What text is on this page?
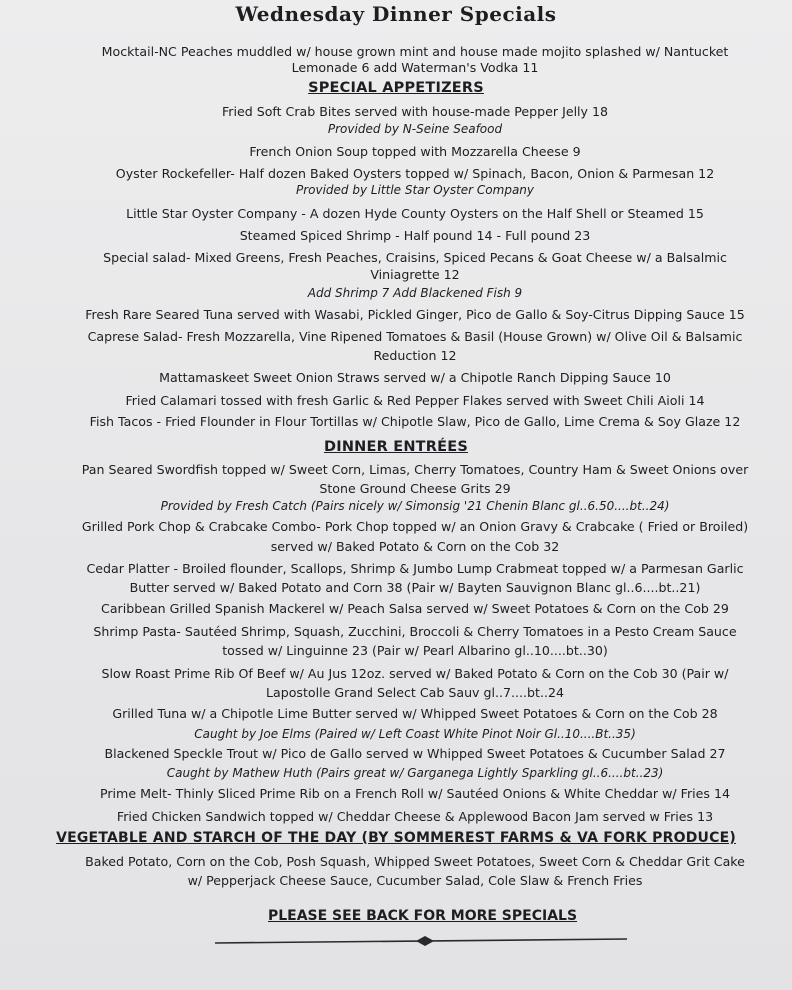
Wednesday Dinner Specials
Mocktail-NC Peaches muddled w/ house grown mint and house made mojito splashed w/ Nantucket
Lemonade 6 add Waterman's Vodka 11
SPECIAL APPETIZERS
Fried Soft Crab Bites served with house-made Pepper Jelly 18
Provided by N-Seine Seafood
French Onion Soup topped with Mozzarella Cheese 9
Oyster Rockefeller- Half dozen Baked Oysters topped w/ Spinach, Bacon, Onion & Parmesan 12
Provided by Little Star Oyster Company
Little Star Oyster Company - A dozen Hyde County Oysters on the Half Shell or Steamed 15
Steamed Spiced Shrimp - Half pound 14 - Full pound 23
Special salad- Mixed Greens, Fresh Peaches, Craisins, Spiced Pecans & Goat Cheese w/ a Balsalmic
Viniagrette 12
Add Shrimp 7 Add Blackened Fish 9
Fresh Rare Seared Tuna served with Wasabi, Pickled Ginger, Pico de Gallo & Soy-Citrus Dipping Sauce 15
Caprese Salad- Fresh Mozzarella, Vine Ripened Tomatoes & Basil (House Grown) w/ Olive Oil & Balsamic
Reduction 12
Mattamaskeet Sweet Onion Straws served w/ a Chipotle Ranch Dipping Sauce 10
Fried Calamari tossed with fresh Garlic & Red Pepper Flakes served with Sweet Chili Aioli 14
Fish Tacos - Fried Flounder in Flour Tortillas w/ Chipotle Slaw, Pico de Gallo, Lime Crema & Soy Glaze 12
DINNER ENTRÉES
Pan Seared Swordfish topped w/ Sweet Corn, Limas, Cherry Tomatoes, Country Ham & Sweet Onions over
Stone Ground Cheese Grits 29
Provided by Fresh Catch (Pairs nicely w/ Simonsig '21 Chenin Blanc gl..6.50....bt..24)
Grilled Pork Chop & Crabcake Combo- Pork Chop topped w/ an Onion Gravy & Crabcake ( Fried or Broiled)
served w/ Baked Potato & Corn on the Cob 32
Cedar Platter - Broiled flounder, Scallops, Shrimp & Jumbo Lump Crabmeat topped w/ a Parmesan Garlic
Butter served w/ Baked Potato and Corn 38 (Pair w/ Bayten Sauvignon Blanc gl..6....bt..21)
Caribbean Grilled Spanish Mackerel w/ Peach Salsa served w/ Sweet Potatoes & Corn on the Cob 29
Shrimp Pasta- Sautéed Shrimp, Squash, Zucchini, Broccoli & Cherry Tomatoes in a Pesto Cream Sauce
tossed w/ Linguinne 23 (Pair w/ Pearl Albarino gl..10....bt..30)
Slow Roast Prime Rib Of Beef w/ Au Jus 12oz. served w/ Baked Potato & Corn on the Cob 30 (Pair w/
Lapostolle Grand Select Cab Sauv gl..7....bt..24
Grilled Tuna w/ a Chipotle Lime Butter served w/ Whipped Sweet Potatoes & Corn on the Cob 28
Caught by Joe Elms (Paired w/ Left Coast White Pinot Noir Gl..10....Bt..35)
Blackened Speckle Trout w/ Pico de Gallo served w Whipped Sweet Potatoes & Cucumber Salad 27
Caught by Mathew Huth (Pairs great w/ Garganega Lightly Sparkling gl..6....bt..23)
Prime Melt- Thinly Sliced Prime Rib on a French Roll w/ Sautéed Onions & White Cheddar w/ Fries 14
Fried Chicken Sandwich topped w/ Cheddar Cheese & Applewood Bacon Jam served w Fries 13
VEGETABLE AND STARCH OF THE DAY (BY SOMMEREST FARMS & VA FORK PRODUCE)
Baked Potato, Corn on the Cob, Posh Squash, Whipped Sweet Potatoes, Sweet Corn & Cheddar Grit Cake
w/ Pepperjack Cheese Sauce, Cucumber Salad, Cole Slaw & French Fries
PLEASE SEE BACK FOR MORE SPECIALS
